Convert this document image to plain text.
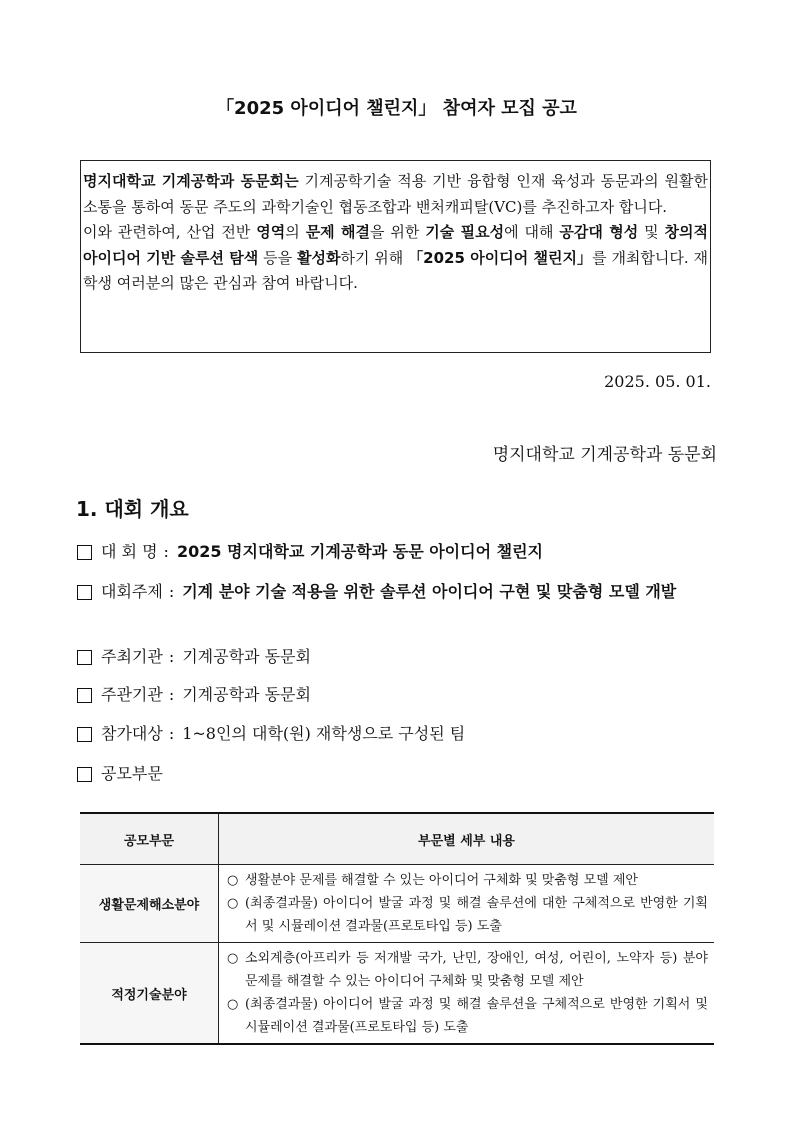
「2025 아이디어 챌린지」 참여자 모집 공고

명지대학교 기계공학과 동문회는 기계공학기술 적용 기반 융합형 인재 육성과 동문과의 원활한 소통을 통하여 동문 주도의 과학기술인 협동조합과 밴처캐피탈(VC)를 추진하고자 합니다.

이와 관련하여, 산업 전반 영역의 문제 해결을 위한 기술 필요성에 대해 공감대 형성 및 창의적 아이디어 기반 솔루션 탐색 등을 활성화하기 위해 「2025 아이디어 챌린지」를 개최합니다. 재학생 여러분의 많은 관심과 참여 바랍니다.

2025. 05. 01.
명지대학교 기계공학과 동문회
1. 대회 개요
대 회 명 : 2025 명지대학교 기계공학과 동문 아이디어 챌린지
대회주제 : 기계 분야 기술 적용을 위한 솔루션 아이디어 구현 및 맞춤형 모델 개발
주최기관 : 기계공학과 동문회
주관기관 : 기계공학과 동문회
참가대상 : 1~8인의 대학(원) 재학생으로 구성된 팀
공모부문
공모부문	부문별 세부 내용
생활문제해소분야	○ 생활분야 문제를 해결할 수 있는 아이디어 구체화 및 맞춤형 모델 제안
○ (최종결과물) 아이디어 발굴 과정 및 해결 솔루션에 대한 구체적으로 반영한 기획서 및 시뮬레이션 결과물(프로토타입 등) 도출

적정기술분야	○ 소외계층(아프리카 등 저개발 국가, 난민, 장애인, 여성, 어린이, 노약자 등) 분야 문제를 해결할 수 있는 아이디어 구체화 및 맞춤형 모델 제안
○ (최종결과물) 아이디어 발굴 과정 및 해결 솔루션을 구체적으로 반영한 기획서 및 시뮬레이션 결과물(프로토타입 등) 도출
